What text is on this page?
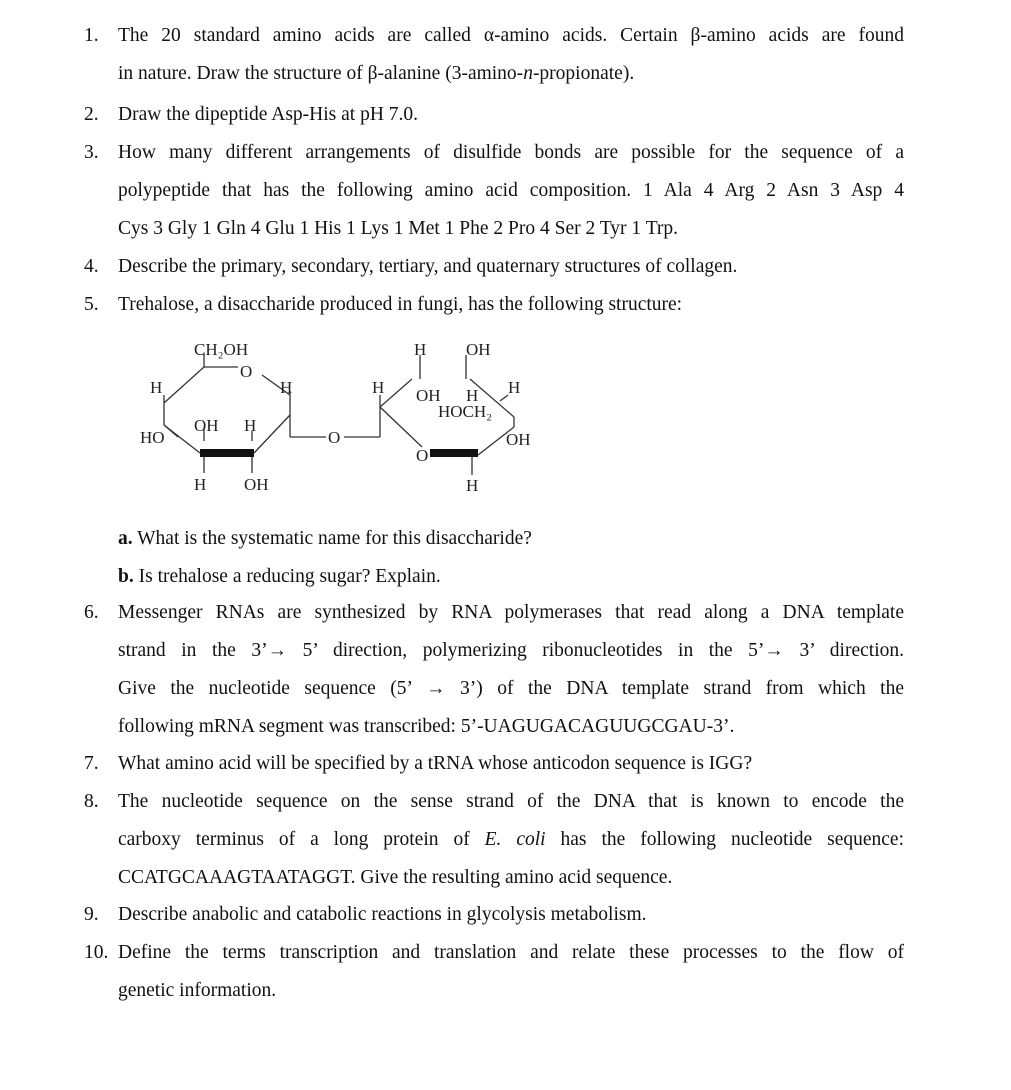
1. The 20 standard amino acids are called α-amino acids. Certain β-amino acids are found
in nature. Draw the structure of β-alanine (3-amino-n-propionate).
2. Draw the dipeptide Asp-His at pH 7.0.
3. How many different arrangements of disulfide bonds are possible for the sequence of a
polypeptide that has the following amino acid composition. 1 Ala 4 Arg 2 Asn 3 Asp 4
Cys 3 Gly 1 Gln 4 Glu 1 His 1 Lys 1 Met 1 Phe 2 Pro 4 Ser 2 Tyr 1 Trp.
4. Describe the primary, secondary, tertiary, and quaternary structures of collagen.
5. Trehalose, a disaccharide produced in fungi, has the following structure:
CH₂OH
O
H	H
OH H
HO
H OH
O
H
H OH
OH H H
HOCH₂
O
OH
H
a. What is the systematic name for this disaccharide?
b. Is trehalose a reducing sugar? Explain.
6. Messenger RNAs are synthesized by RNA polymerases that read along a DNA template
strand in the 3’→ 5’ direction, polymerizing ribonucleotides in the 5’→ 3’ direction.
Give the nucleotide sequence (5’ → 3’) of the DNA template strand from which the
following mRNA segment was transcribed: 5’-UAGUGACAGUUGCGAU-3’.
7. What amino acid will be specified by a tRNA whose anticodon sequence is IGG?
8. The nucleotide sequence on the sense strand of the DNA that is known to encode the
carboxy terminus of a long protein of E. coli has the following nucleotide sequence:
CCATGCAAAGTAATAGGT. Give the resulting amino acid sequence.
9. Describe anabolic and catabolic reactions in glycolysis metabolism.
10. Define the terms transcription and translation and relate these processes to the flow of
genetic information.
